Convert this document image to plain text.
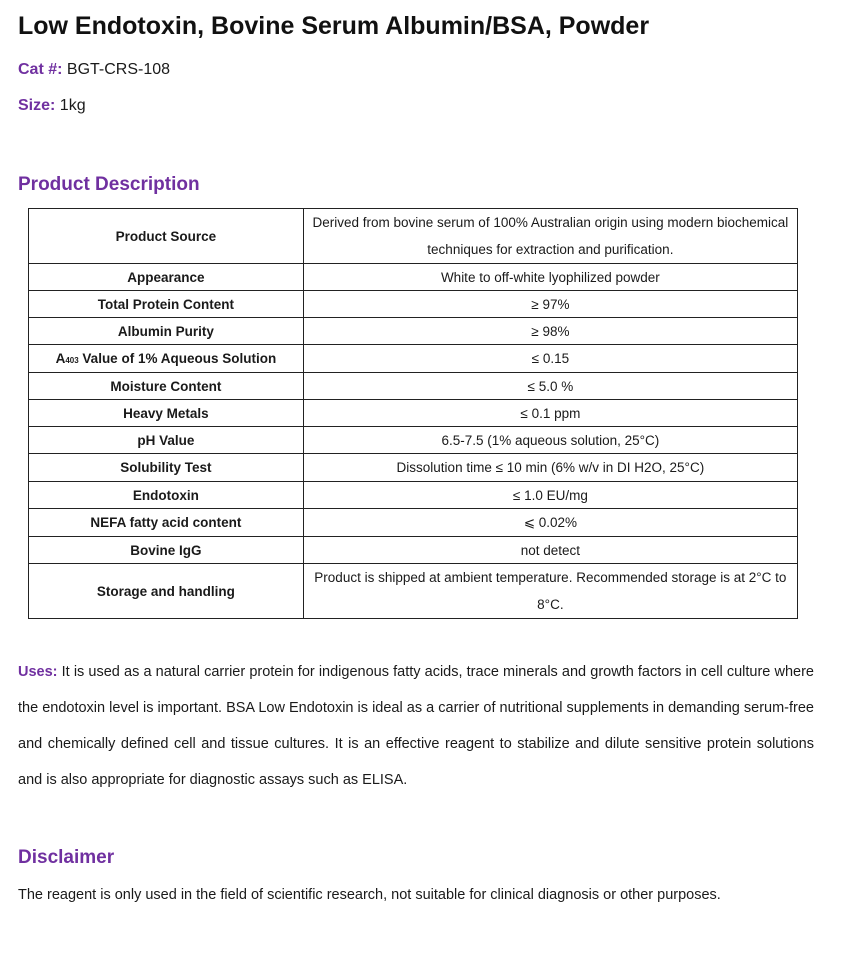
Low Endotoxin, Bovine Serum Albumin/BSA, Powder
Cat #: BGT-CRS-108
Size: 1kg
Product Description
Product Source	Derived from bovine serum of 100% Australian origin using modern biochemical techniques for extraction and purification.
Appearance	White to off-white lyophilized powder
Total Protein Content	≥ 97%
Albumin Purity	≥ 98%
A403 Value of 1% Aqueous Solution	≤ 0.15
Moisture Content	≤ 5.0 %
Heavy Metals	≤ 0.1 ppm
pH Value	6.5-7.5 (1% aqueous solution, 25°C)
Solubility Test	Dissolution time ≤ 10 min (6% w/v in DI H2O, 25°C)
Endotoxin	≤ 1.0 EU/mg
NEFA fatty acid content	⩽ 0.02%
Bovine IgG	not detect
Storage and handling	Product is shipped at ambient temperature. Recommended storage is at 2°C to 8°C.

Uses: It is used as a natural carrier protein for indigenous fatty acids, trace minerals and growth factors in cell culture where the endotoxin level is important. BSA Low Endotoxin is ideal as a carrier of nutritional supplements in demanding serum-free and chemically defined cell and tissue cultures. It is an effective reagent to stabilize and dilute sensitive protein solutions and is also appropriate for diagnostic assays such as ELISA.

Disclaimer

The reagent is only used in the field of scientific research, not suitable for clinical diagnosis or other purposes.
